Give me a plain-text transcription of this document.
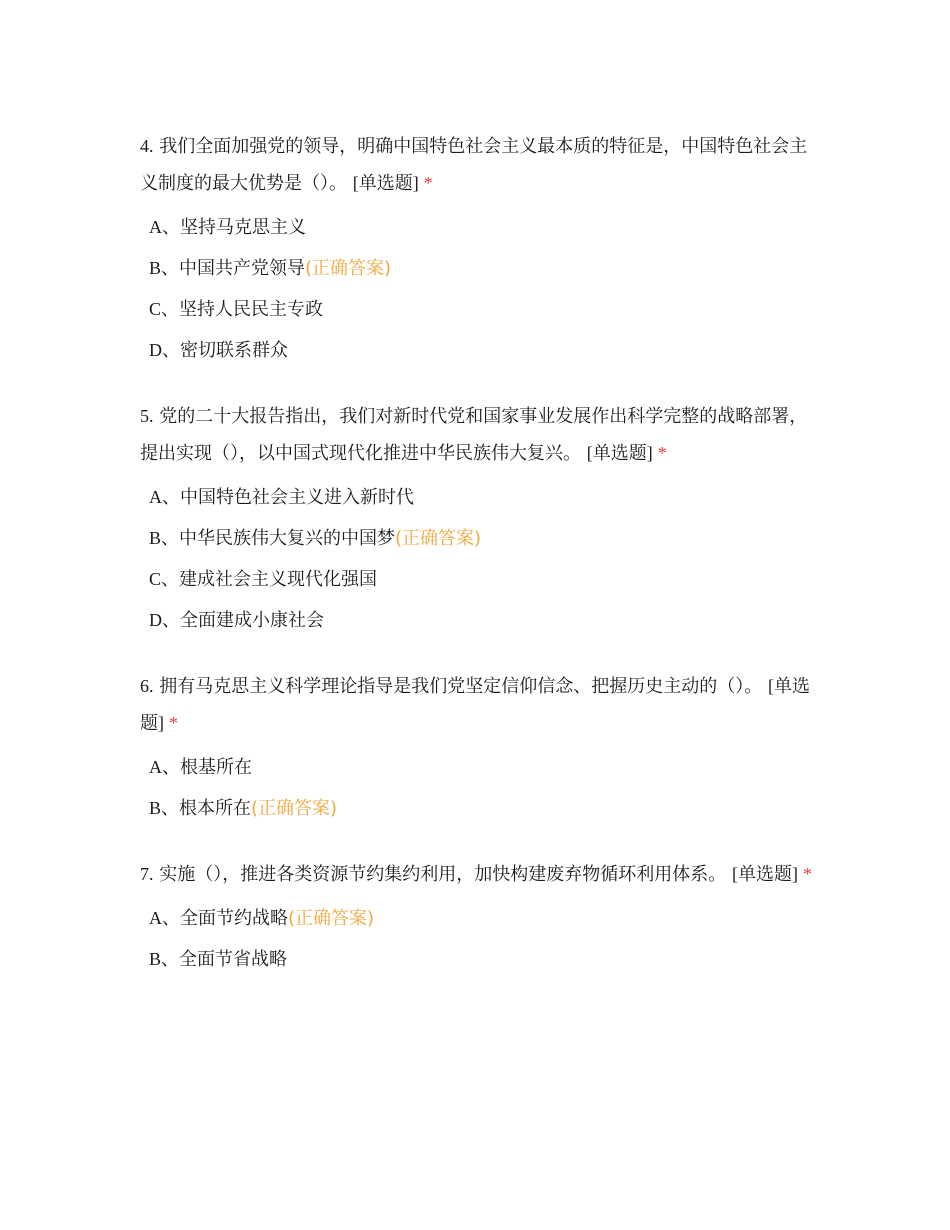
4. 我们全面加强党的领导，明确中国特色社会主义最本质的特征是，中国特色社会主义制度的最大优势是（）。 [单选题] *

A、坚持马克思主义
B、中国共产党领导(正确答案)
C、坚持人民民主专政
D、密切联系群众

5. 党的二十大报告指出，我们对新时代党和国家事业发展作出科学完整的战略部署，提出实现（），以中国式现代化推进中华民族伟大复兴。 [单选题] *

A、中国特色社会主义进入新时代
B、中华民族伟大复兴的中国梦(正确答案)
C、建成社会主义现代化强国
D、全面建成小康社会

6. 拥有马克思主义科学理论指导是我们党坚定信仰信念、把握历史主动的（）。 [单选题] *

A、根基所在
B、根本所在(正确答案)

7. 实施（），推进各类资源节约集约利用，加快构建废弃物循环利用体系。 [单选题] *

A、全面节约战略(正确答案)
B、全面节省战略
